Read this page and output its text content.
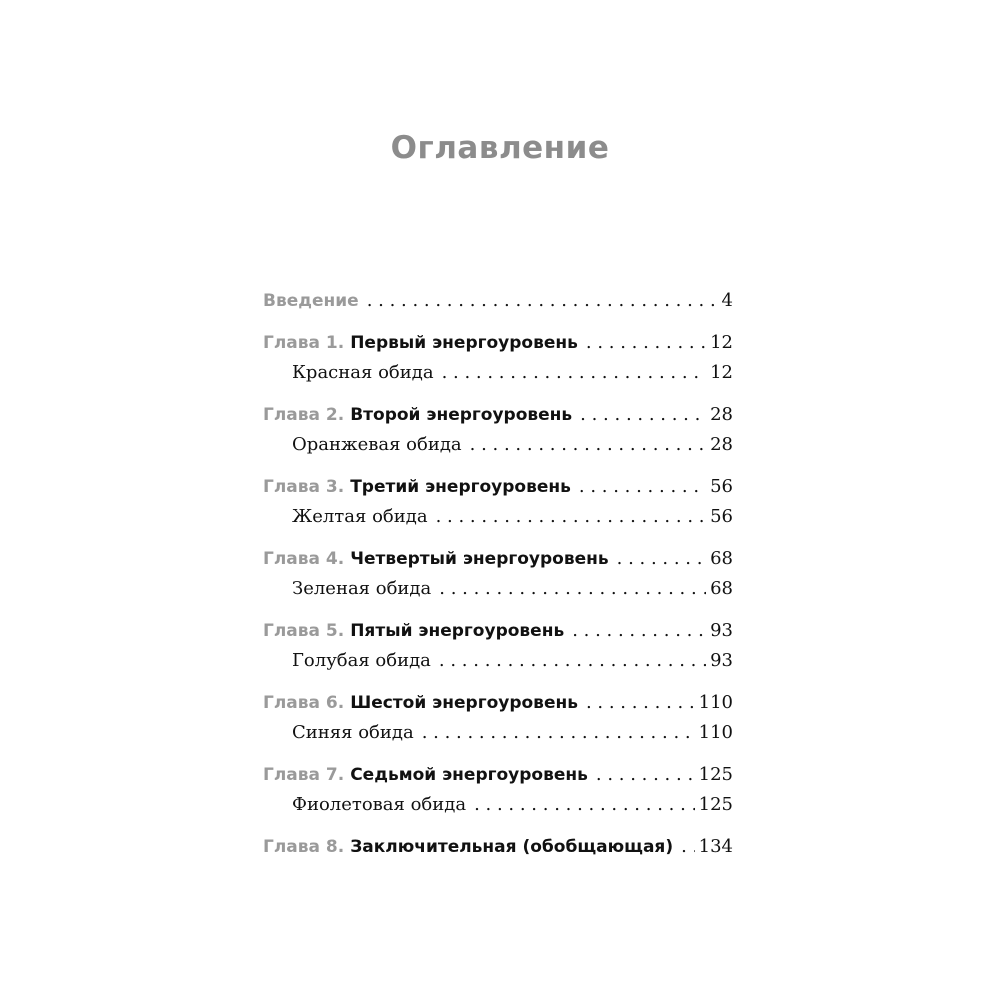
Оглавление
Введение . . .	4
Глава 1. Первый энергоуровень . . .	12
Красная обида . . .	12
Глава 2. Второй энергоуровень . . .	28
Оранжевая обида . . .	28
Глава 3. Третий энергоуровень . . .	56
Желтая обида . . .	56
Глава 4. Четвертый энергоуровень . . .	68
Зеленая обида . . .	68
Глава 5. Пятый энергоуровень . . .	93
Голубая обида . . .	93
Глава 6. Шестой энергоуровень . . .	110
Синяя обида . . .	110
Глава 7. Седьмой энергоуровень . . .	125
Фиолетовая обида . . .	125
Глава 8. Заключительная (обобщающая) . . . 134
